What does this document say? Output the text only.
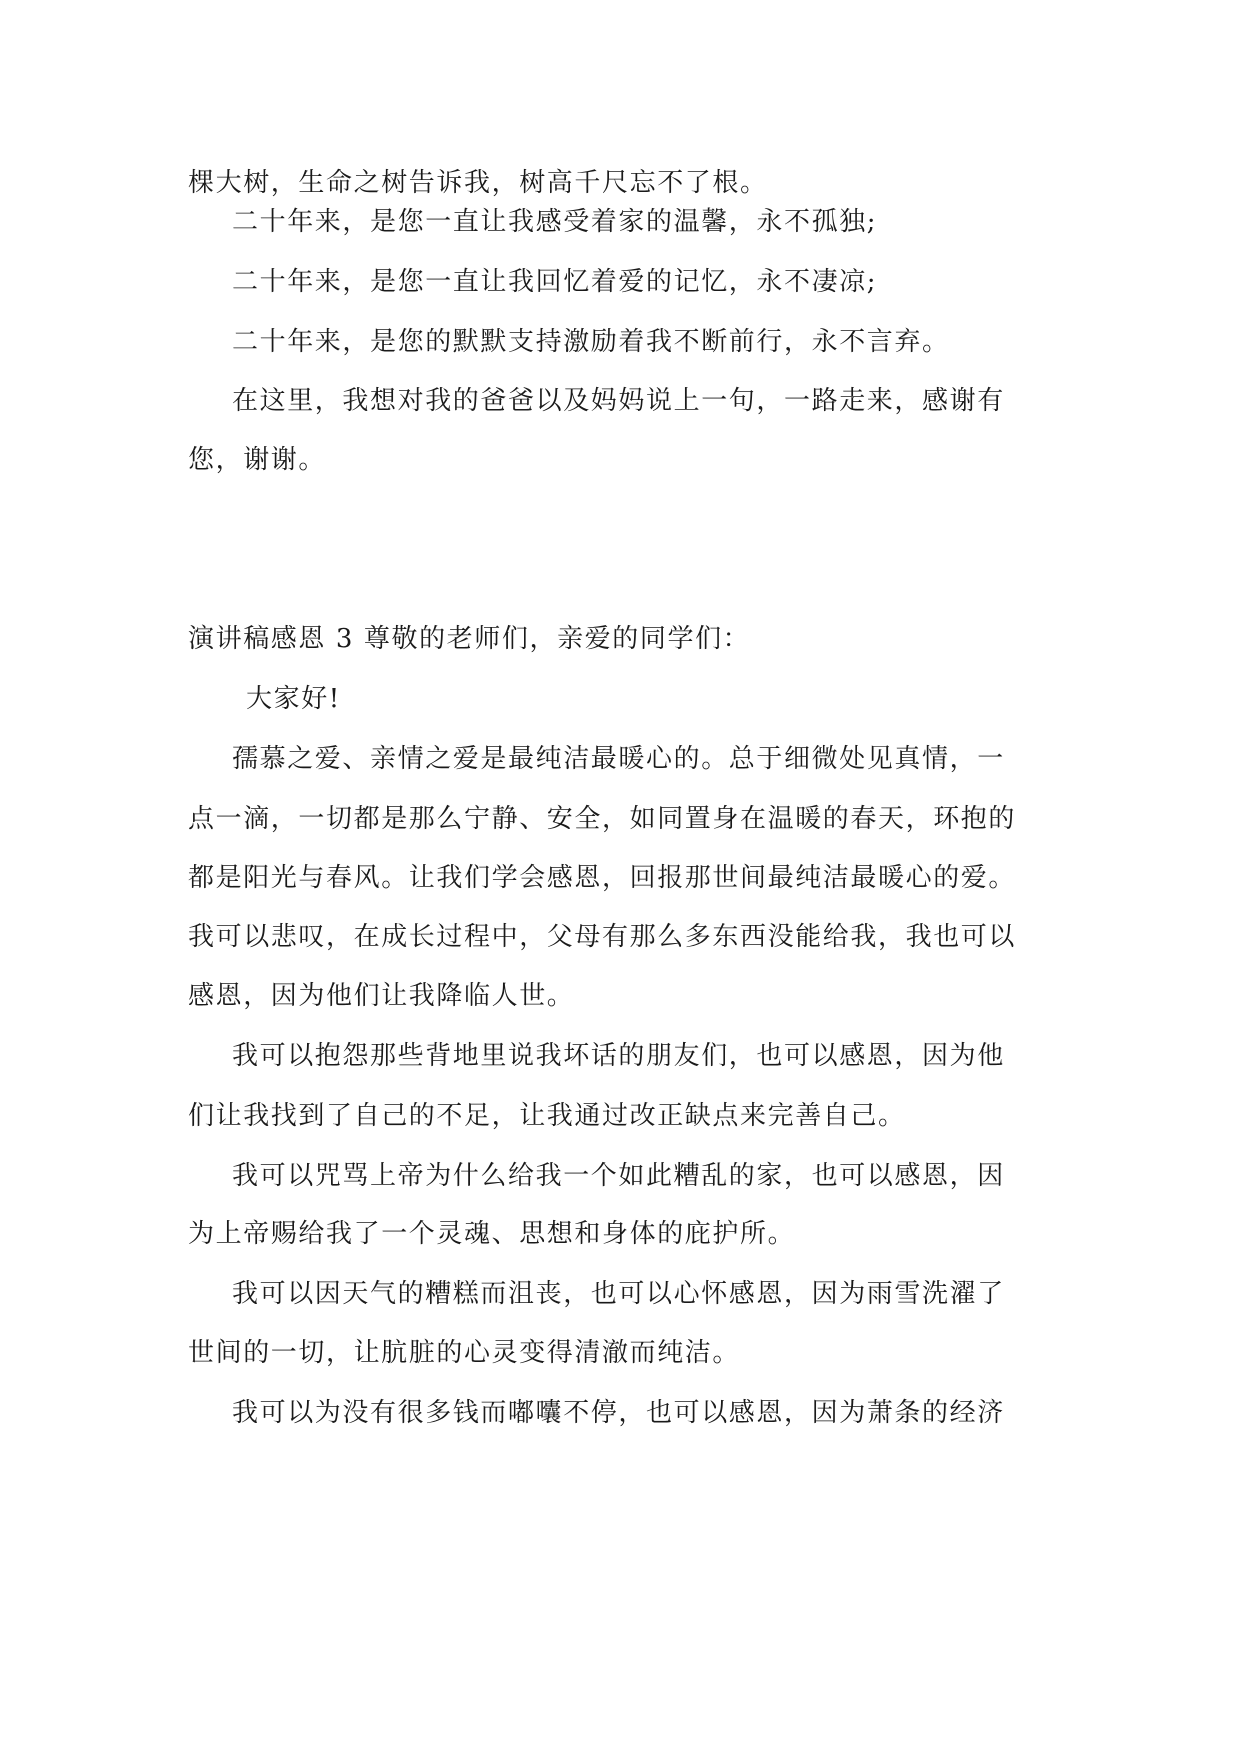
棵大树，生命之树告诉我，树高千尺忘不了根。
二十年来，是您一直让我感受着家的温馨，永不孤独;
二十年来，是您一直让我回忆着爱的记忆，永不凄凉;
二十年来，是您的默默支持激励着我不断前行，永不言弃。
在这里，我想对我的爸爸以及妈妈说上一句，一路走来，感谢有
您，谢谢。
演讲稿感恩 3 尊敬的老师们，亲爱的同学们：
大家好!
孺慕之爱、亲情之爱是最纯洁最暖心的。总于细微处见真情，一
点一滴，一切都是那么宁静、安全，如同置身在温暖的春天，环抱的
都是阳光与春风。让我们学会感恩，回报那世间最纯洁最暖心的爱。
我可以悲叹，在成长过程中，父母有那么多东西没能给我，我也可以
感恩，因为他们让我降临人世。
我可以抱怨那些背地里说我坏话的朋友们，也可以感恩，因为他
们让我找到了自己的不足，让我通过改正缺点来完善自己。
我可以咒骂上帝为什么给我一个如此糟乱的家，也可以感恩，因
为上帝赐给我了一个灵魂、思想和身体的庇护所。
我可以因天气的糟糕而沮丧，也可以心怀感恩，因为雨雪洗濯了
世间的一切，让肮脏的心灵变得清澈而纯洁。
我可以为没有很多钱而嘟囔不停，也可以感恩，因为萧条的经济
